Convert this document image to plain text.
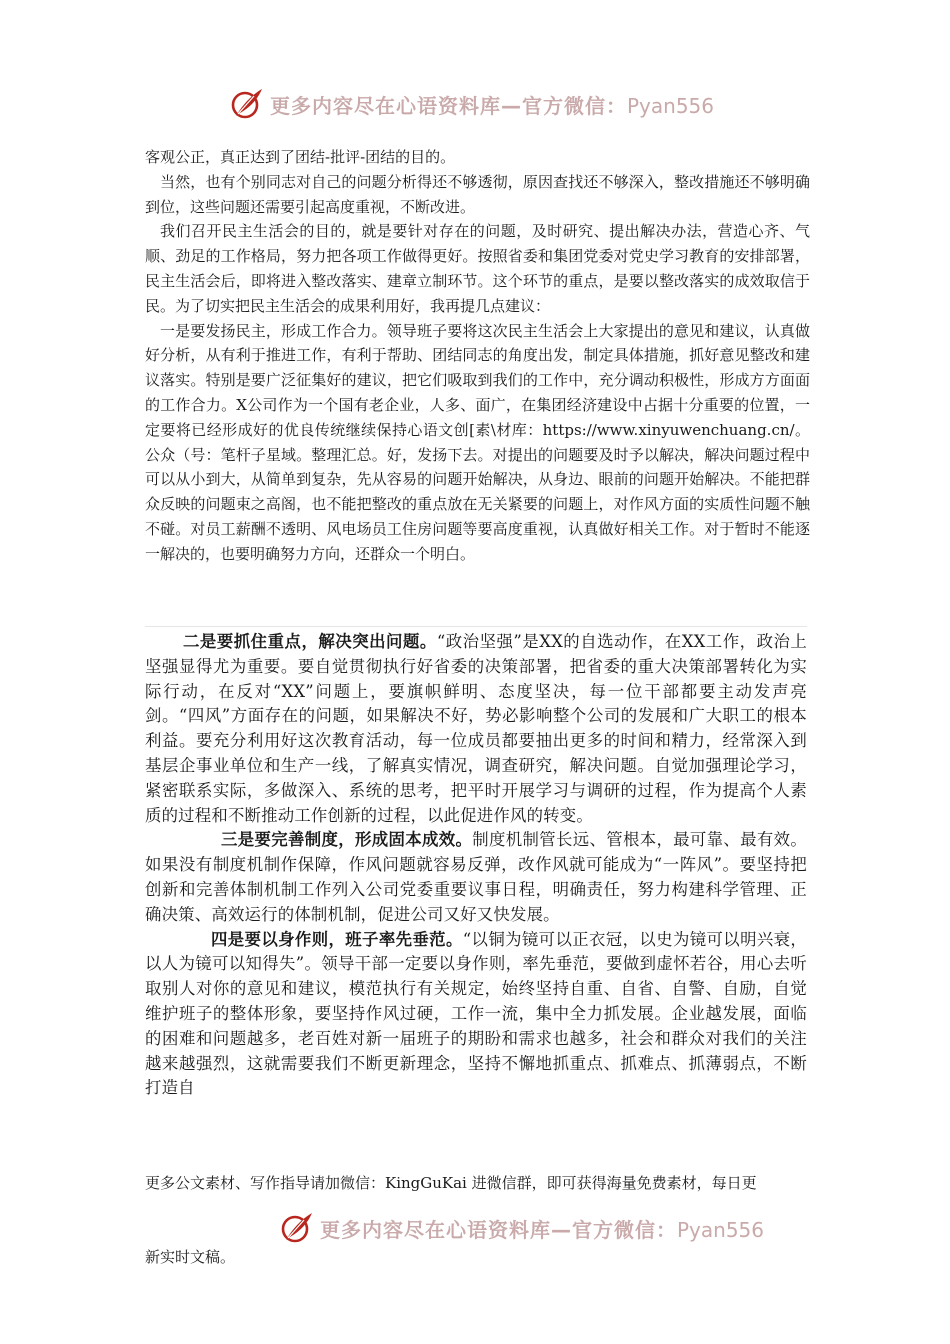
更多内容尽在心语资料库—官方微信：Pyan556

客观公正，真正达到了团结-批评-团结的目的。

当然，也有个别同志对自己的问题分析得还不够透彻，原因查找还不够深入，整改措施还不够明确到位，这些问题还需要引起高度重视，不断改进。

我们召开民主生活会的目的，就是要针对存在的问题，及时研究、提出解决办法，营造心齐、气顺、劲足的工作格局，努力把各项工作做得更好。按照省委和集团党委对党史学习教育的安排部署，民主生活会后，即将进入整改落实、建章立制环节。这个环节的重点，是要以整改落实的成效取信于民。为了切实把民主生活会的成果利用好，我再提几点建议：

一是要发扬民主，形成工作合力。领导班子要将这次民主生活会上大家提出的意见和建议，认真做好分析，从有利于推进工作，有利于帮助、团结同志的角度出发，制定具体措施，抓好意见整改和建议落实。特别是要广泛征集好的建议，把它们吸取到我们的工作中，充分调动积极性，形成方方面面的工作合力。X公司作为一个国有老企业，人多、面广，在集团经济建设中占据十分重要的位置，一定要将已经形成好的优良传统继续保持心语文创[素\材库：https://www.xinyuwenchuang.cn/。公众（号：笔杆子星域。整理汇总。好，发扬下去。对提出的问题要及时予以解决，解决问题过程中可以从小到大，从简单到复杂，先从容易的问题开始解决，从身边、眼前的问题开始解决。不能把群众反映的问题束之高阁，也不能把整改的重点放在无关紧要的问题上，对作风方面的实质性问题不触不碰。对员工薪酬不透明、风电场员工住房问题等要高度重视，认真做好相关工作。对于暂时不能逐一解决的，也要明确努力方向，还群众一个明白。

二是要抓住重点，解决突出问题。“政治坚强”是XX的自选动作，在XX工作，政治上坚强显得尤为重要。要自觉贯彻执行好省委的决策部署，把省委的重大决策部署转化为实际行动，在反对“XX”问题上，要旗帜鲜明、态度坚决，每一位干部都要主动发声亮剑。“四风”方面存在的问题，如果解决不好，势必影响整个公司的发展和广大职工的根本利益。要充分利用好这次教育活动，每一位成员都要抽出更多的时间和精力，经常深入到基层企事业单位和生产一线，了解真实情况，调查研究，解决问题。自觉加强理论学习，紧密联系实际，多做深入、系统的思考，把平时开展学习与调研的过程，作为提高个人素质的过程和不断推动工作创新的过程，以此促进作风的转变。

三是要完善制度，形成固本成效。制度机制管长远、管根本，最可靠、最有效。如果没有制度机制作保障，作风问题就容易反弹，改作风就可能成为“一阵风”。要坚持把创新和完善体制机制工作列入公司党委重要议事日程，明确责任，努力构建科学管理、正确决策、高效运行的体制机制，促进公司又好又快发展。

四是要以身作则，班子率先垂范。“以铜为镜可以正衣冠，以史为镜可以明兴衰，以人为镜可以知得失”。领导干部一定要以身作则，率先垂范，要做到虚怀若谷，用心去听取别人对你的意见和建议，模范执行有关规定，始终坚持自重、自省、自警、自励，自觉维护班子的整体形象，要坚持作风过硬，工作一流，集中全力抓发展。企业越发展，面临的困难和问题越多，老百姓对新一届班子的期盼和需求也越多，社会和群众对我们的关注越来越强烈，这就需要我们不断更新理念，坚持不懈地抓重点、抓难点、抓薄弱点，不断打造自

更多公文素材、写作指导请加微信：KingGuKai 进微信群，即可获得海量免费素材，每日更
更多内容尽在心语资料库—官方微信：Pyan556
新实时文稿。
